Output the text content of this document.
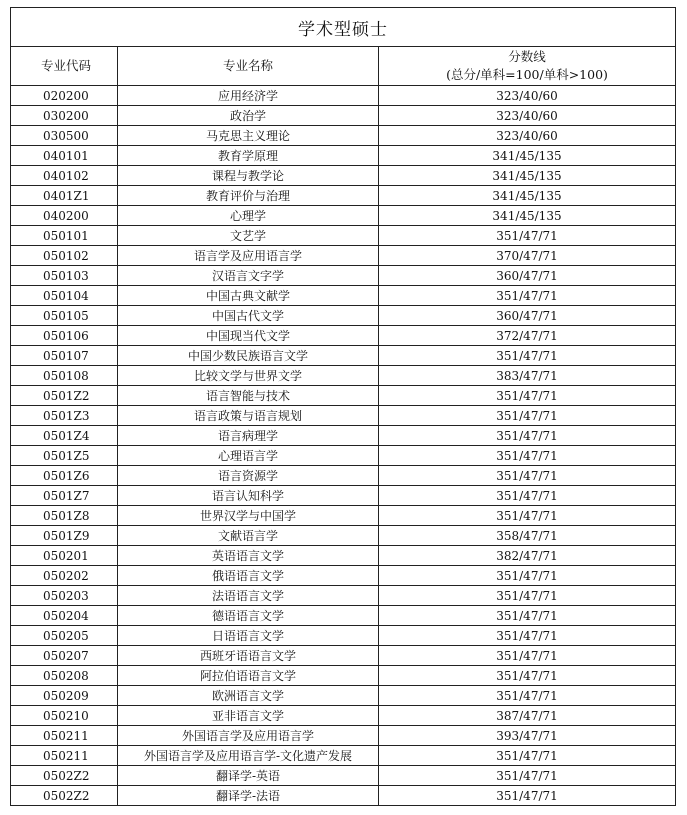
学术型硕士		
专业代码	专业名称	分数线
(总分/单科=100/单科>100)

020200	应用经济学	323/40/60
030200	政治学	323/40/60
030500	马克思主义理论	323/40/60
040101	教育学原理	341/45/135
040102	课程与教学论	341/45/135
0401Z1	教育评价与治理	341/45/135
040200	心理学	341/45/135
050101	文艺学	351/47/71
050102	语言学及应用语言学	370/47/71
050103	汉语言文字学	360/47/71
050104	中国古典文献学	351/47/71
050105	中国古代文学	360/47/71
050106	中国现当代文学	372/47/71
050107	中国少数民族语言文学	351/47/71
050108	比较文学与世界文学	383/47/71
0501Z2	语言智能与技术	351/47/71
0501Z3	语言政策与语言规划	351/47/71
0501Z4	语言病理学	351/47/71
0501Z5	心理语言学	351/47/71
0501Z6	语言资源学	351/47/71
0501Z7	语言认知科学	351/47/71
0501Z8	世界汉学与中国学	351/47/71
0501Z9	文献语言学	358/47/71
050201	英语语言文学	382/47/71
050202	俄语语言文学	351/47/71
050203	法语语言文学	351/47/71
050204	德语语言文学	351/47/71
050205	日语语言文学	351/47/71
050207	西班牙语语言文学	351/47/71
050208	阿拉伯语语言文学	351/47/71
050209	欧洲语言文学	351/47/71
050210	亚非语言文学	387/47/71
050211	外国语言学及应用语言学	393/47/71
050211	外国语言学及应用语言学-文化遗产发展	351/47/71
0502Z2	翻译学-英语	351/47/71
0502Z2	翻译学-法语	351/47/71
